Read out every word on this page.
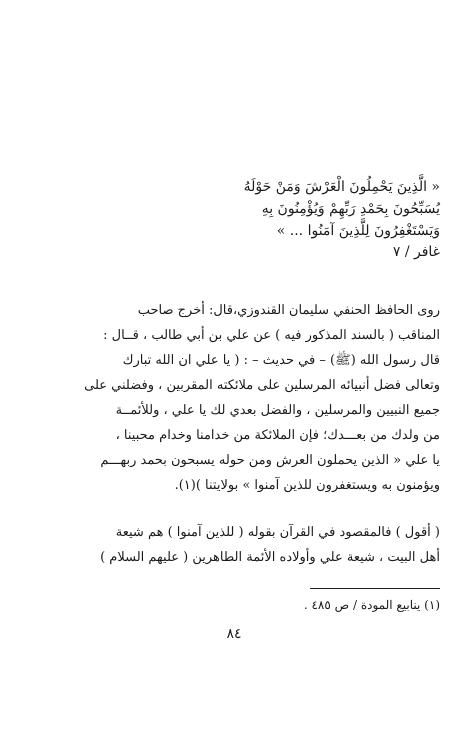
« الَّذِينَ يَحْمِلُونَ الْعَرْشَ وَمَنْ حَوْلَهُ
يُسَبِّحُونَ بِحَمْدِ رَبِّهِمْ وَيُؤْمِنُونَ بِهِ
وَيَسْتَغْفِرُونَ لِلَّذِينَ آمَنُوا ... »
غافر / ٧
روى الحافظ الحنفي سليمان القندوزي،قال: أخرج صاحب
المناقب ( بالسند المذكور فيه ) عن علي بن أبي طالب ، قــال :
قال رسول الله (ﷺ) – في حديث – : ( يا علي ان الله تبارك
وتعالى فضل أنبيائه المرسلين على ملائكته المقربين ، وفضلني على
جميع النبيين والمرسلين ، والفضل بعدي لك يا علي ، وللأئمــة
من ولدك من بعـــدك؛ فإن الملائكة من خدامنا وخدام محبينا ،
يا علي « الذين يحملون العرش ومن حوله يسبحون بحمد ربهـــم
ويؤمنون به ويستغفرون للذين آمنوا » بولايتنا )(١).
( أقول ) فالمقصود في القرآن بقوله ( للذين آمنوا ) هم شيعة
أهل البيت ، شيعة علي وأولاده الأئمة الطاهرين ( عليهم السلام )
(١) ينابيع المودة / ص ٤٨٥ .
٨٤
